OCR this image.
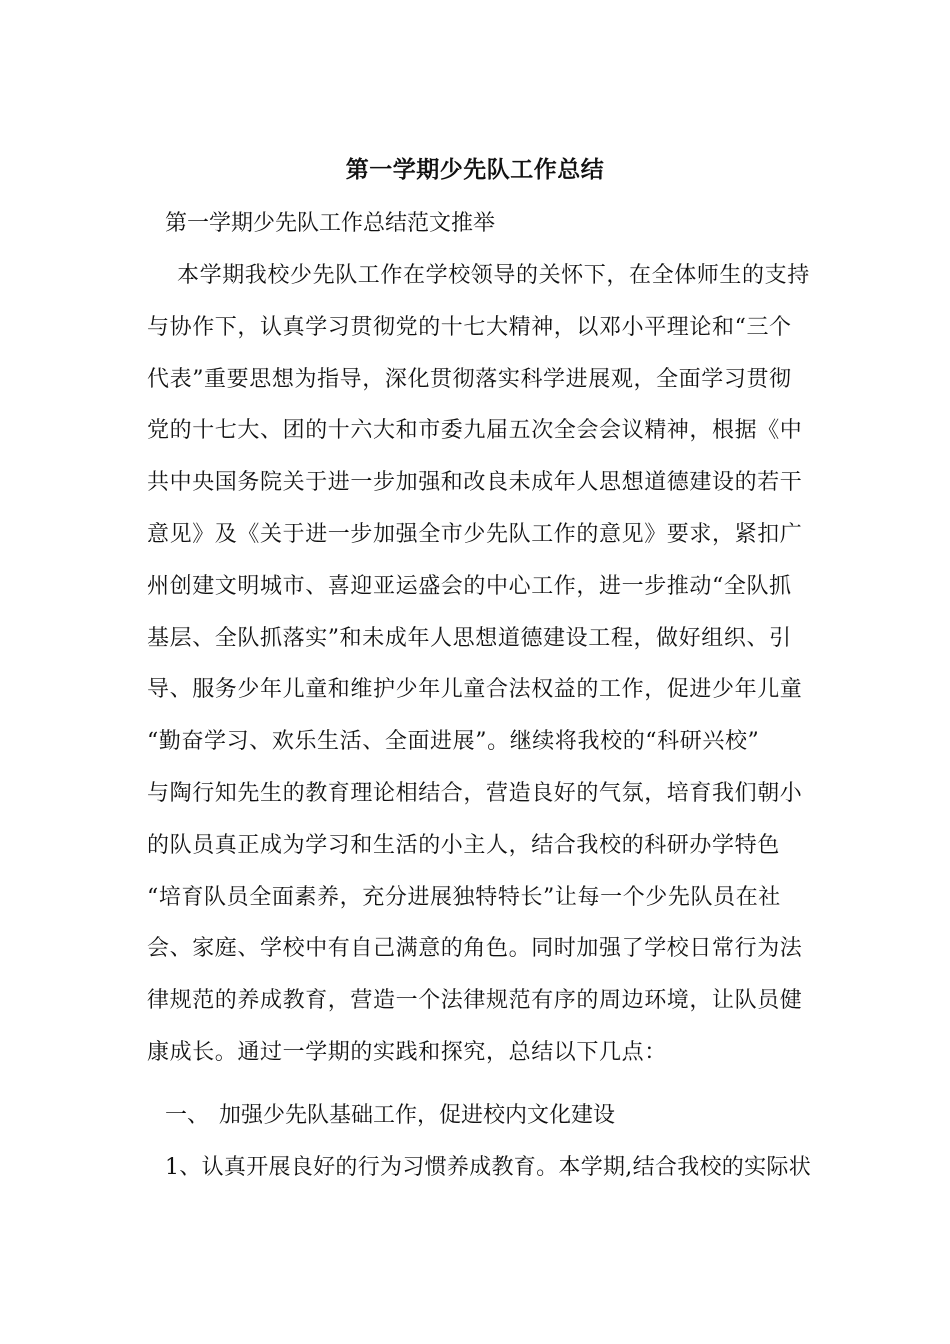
第一学期少先队工作总结
第一学期少先队工作总结范文推举
本学期我校少先队工作在学校领导的关怀下，在全体师生的支持
与协作下，认真学习贯彻党的十七大精神，以邓小平理论和“三个
代表”重要思想为指导，深化贯彻落实科学进展观，全面学习贯彻
党的十七大、团的十六大和市委九届五次全会会议精神，根据《中
共中央国务院关于进一步加强和改良未成年人思想道德建设的若干
意见》及《关于进一步加强全市少先队工作的意见》要求，紧扣广
州创建文明城市、喜迎亚运盛会的中心工作，进一步推动“全队抓
基层、全队抓落实”和未成年人思想道德建设工程，做好组织、引
导、服务少年儿童和维护少年儿童合法权益的工作，促进少年儿童
“勤奋学习、欢乐生活、全面进展”。继续将我校的“科研兴校”
与陶行知先生的教育理论相结合，营造良好的气氛，培育我们朝小
的队员真正成为学习和生活的小主人，结合我校的科研办学特色
“培育队员全面素养，充分进展独特特长”让每一个少先队员在社
会、家庭、学校中有自己满意的角色。同时加强了学校日常行为法
律规范的养成教育，营造一个法律规范有序的周边环境，让队员健
康成长。通过一学期的实践和探究，总结以下几点：
一、 加强少先队基础工作，促进校内文化建设
1、认真开展良好的行为习惯养成教育。本学期,结合我校的实际状
